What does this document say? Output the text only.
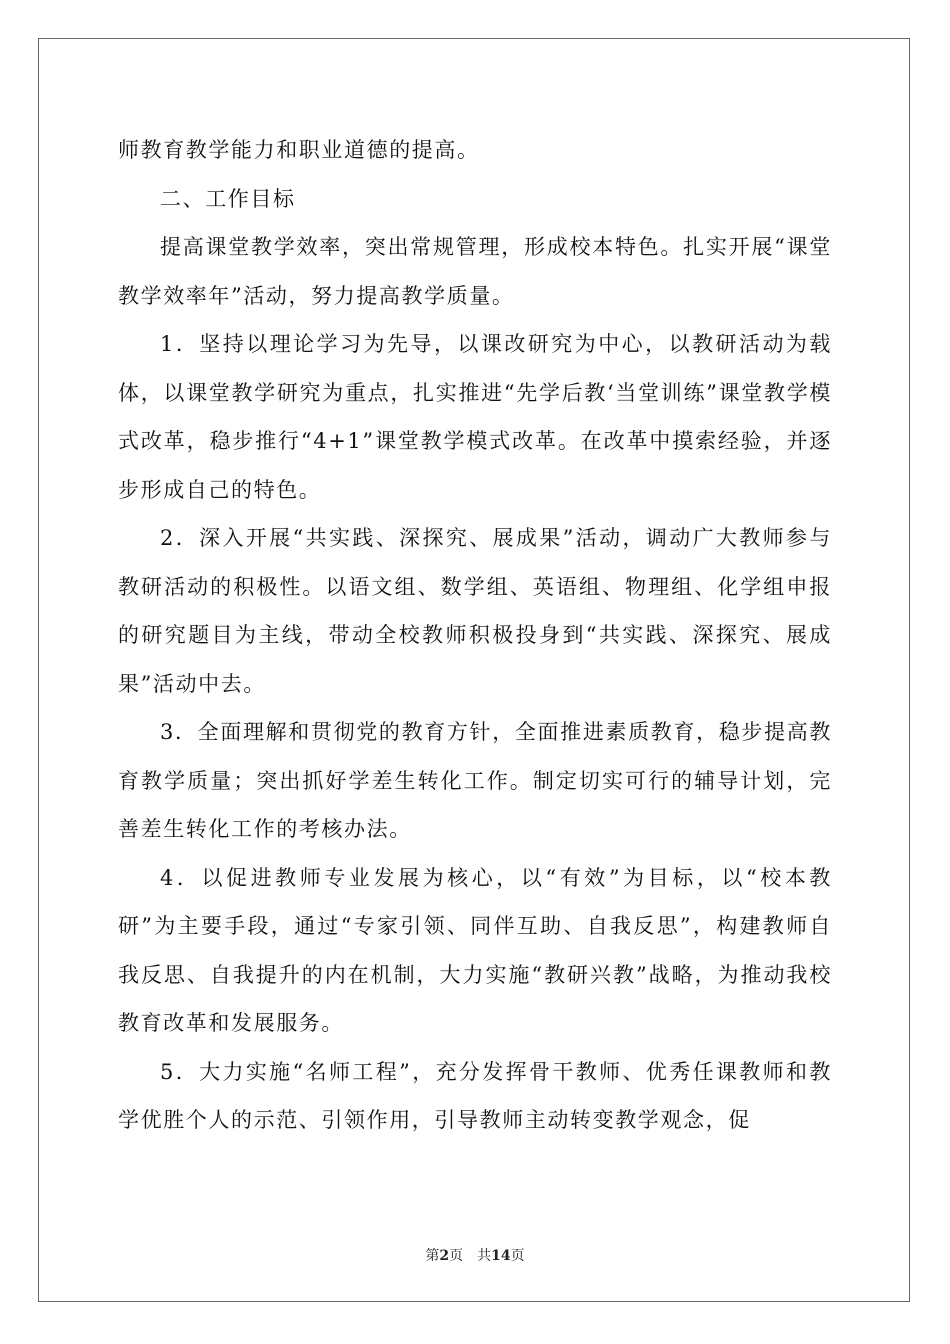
师教育教学能力和职业道德的提高。

二、工作目标

提高课堂教学效率，突出常规管理，形成校本特色。扎实开展“课堂教学效率年”活动，努力提高教学质量。

1．坚持以理论学习为先导，以课改研究为中心，以教研活动为载体，以课堂教学研究为重点，扎实推进“先学后教‘当堂训练”课堂教学模式改革，稳步推行“4+1”课堂教学模式改革。在改革中摸索经验，并逐步形成自己的特色。

2．深入开展“共实践、深探究、展成果”活动，调动广大教师参与教研活动的积极性。以语文组、数学组、英语组、物理组、化学组申报的研究题目为主线，带动全校教师积极投身到“共实践、深探究、展成果”活动中去。

3．全面理解和贯彻党的教育方针，全面推进素质教育，稳步提高教育教学质量；突出抓好学差生转化工作。制定切实可行的辅导计划，完善差生转化工作的考核办法。

4．以促进教师专业发展为核心，以“有效”为目标，以“校本教研”为主要手段，通过“专家引领、同伴互助、自我反思”，构建教师自我反思、自我提升的内在机制，大力实施“教研兴教”战略，为推动我校教育改革和发展服务。

5．大力实施“名师工程”，充分发挥骨干教师、优秀任课教师和教学优胜个人的示范、引领作用，引导教师主动转变教学观念，促

第2页 共14页
